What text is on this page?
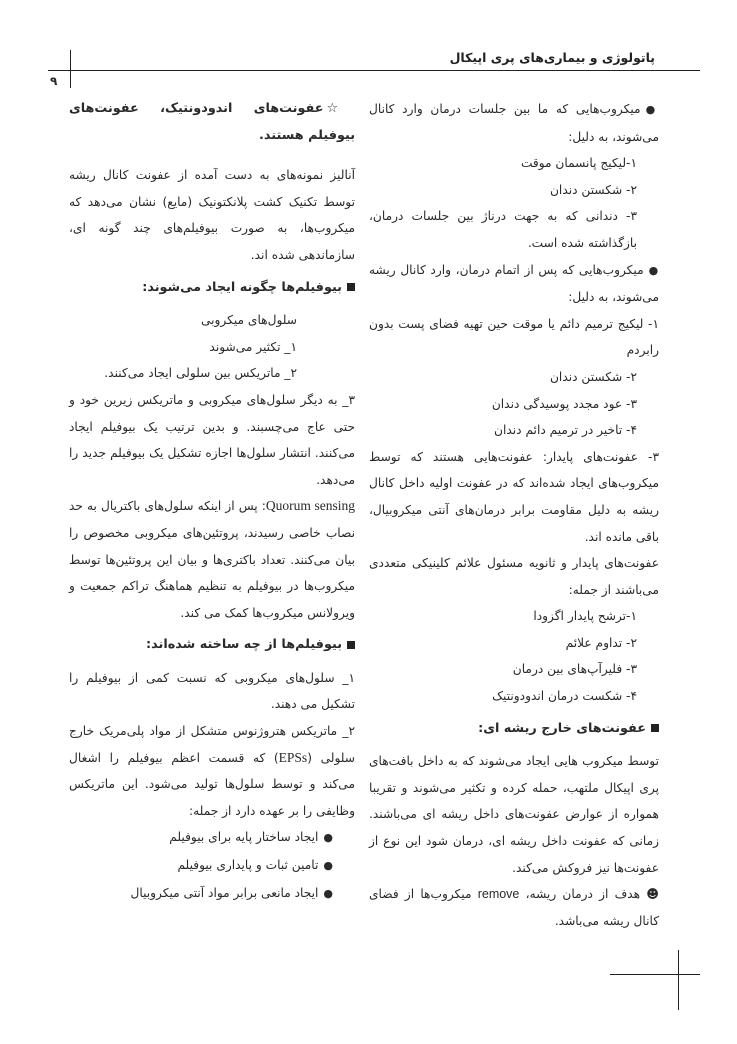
پاتولوژی و بیماری‌های پری اپیکال
۹

●میکروب‌هایی که ما بین جلسات درمان وارد کانال می‌شوند، به دلیل:

۱-لیکیج پانسمان موقت

۲- شکستن دندان

۳- دندانی که به جهت درناژ بین جلسات درمان، بازگذاشته شده است.

●میکروب‌هایی که پس از اتمام درمان، وارد کانال ریشه می‌شوند، به دلیل:

۱- لیکیج ترمیم دائم یا موقت حین تهیه فضای پست بدون رابردم

۲- شکستن دندان

۳- عود مجدد پوسیدگی دندان

۴- تاخیر در ترمیم دائم دندان

۳- عفونت‌های پایدار: عفونت‌هایی هستند که توسط میکروب‌های ایجاد شده‌اند که در عفونت اولیه داخل کانال ریشه به دلیل مقاومت برابر درمان‌های آنتی میکروبیال، باقی مانده اند.

عفونت‌های پایدار و ثانویه مسئول علائم کلینیکی متعددی می‌باشند از جمله:

۱-ترشح پایدار اگزودا

۲- تداوم علائم

۳- فلیرآپ‌های بین درمان

۴- شکست درمان اندودونتیک

عفونت‌های خارج ریشه ای:

توسط میکروب هایی ایجاد می‌شوند که به داخل بافت‌های پری اپیکال ملتهب، حمله کرده و تکثیر می‌شوند و تقریبا همواره از عوارض عفونت‌های داخل ریشه ای می‌باشند. زمانی که عفونت داخل ریشه ای، درمان شود این نوع از عفونت‌ها نیز فروکش می‌کند.

☻ هدف از درمان ریشه، remove میکروب‌ها از فضای کانال ریشه می‌باشد.

☆عفونت‌های اندودونتیک، عفونت‌های بیوفیلم هستند.

آنالیز نمونه‌های به دست آمده از عفونت کانال ریشه توسط تکنیک کشت پلانکتونیک (مایع) نشان می‌دهد که میکروب‌ها، به صورت بیوفیلم‌های چند گونه ای، سازماندهی شده اند.

بیوفیلم‌ها چگونه ایجاد می‌شوند:

سلول‌های میکروبی

۱_ تکثیر می‌شوند

۲_ ماتریکس بین سلولی ایجاد می‌کنند.

۳_ به دیگر سلول‌های میکروبی و ماتریکس زیرین خود و حتی عاج می‌چسبند. و بدین ترتیب یک بیوفیلم ایجاد می‌کنند. انتشار سلول‌ها اجازه تشکیل یک بیوفیلم جدید را می‌دهد.

Quorum sensing: پس از اینکه سلول‌های باکتریال به حد نصاب خاصی رسیدند، پروتئین‌های میکروبی مخصوص را بیان می‌کنند. تعداد باکتری‌ها و بیان این پروتئین‌ها توسط میکروب‌ها در بیوفیلم به تنظیم هماهنگ تراکم جمعیت و ویرولانس میکروب‌ها کمک می کند.

بیوفیلم‌ها از چه ساخته شده‌اند:

۱_ سلول‌های میکروبی که نسبت کمی از بیوفیلم را تشکیل می دهند.

۲_ ماتریکس هتروژنوس متشکل از مواد پلی‌مریک خارج سلولی (EPSs) که قسمت اعظم بیوفیلم را اشغال می‌کند و توسط سلول‌ها تولید می‌شود. این ماتریکس وظایفی را بر عهده دارد از جمله:

●ایجاد ساختار پایه برای بیوفیلم

●تامین ثبات و پایداری بیوفیلم

●ایجاد مانعی برابر مواد آنتی میکروبیال
